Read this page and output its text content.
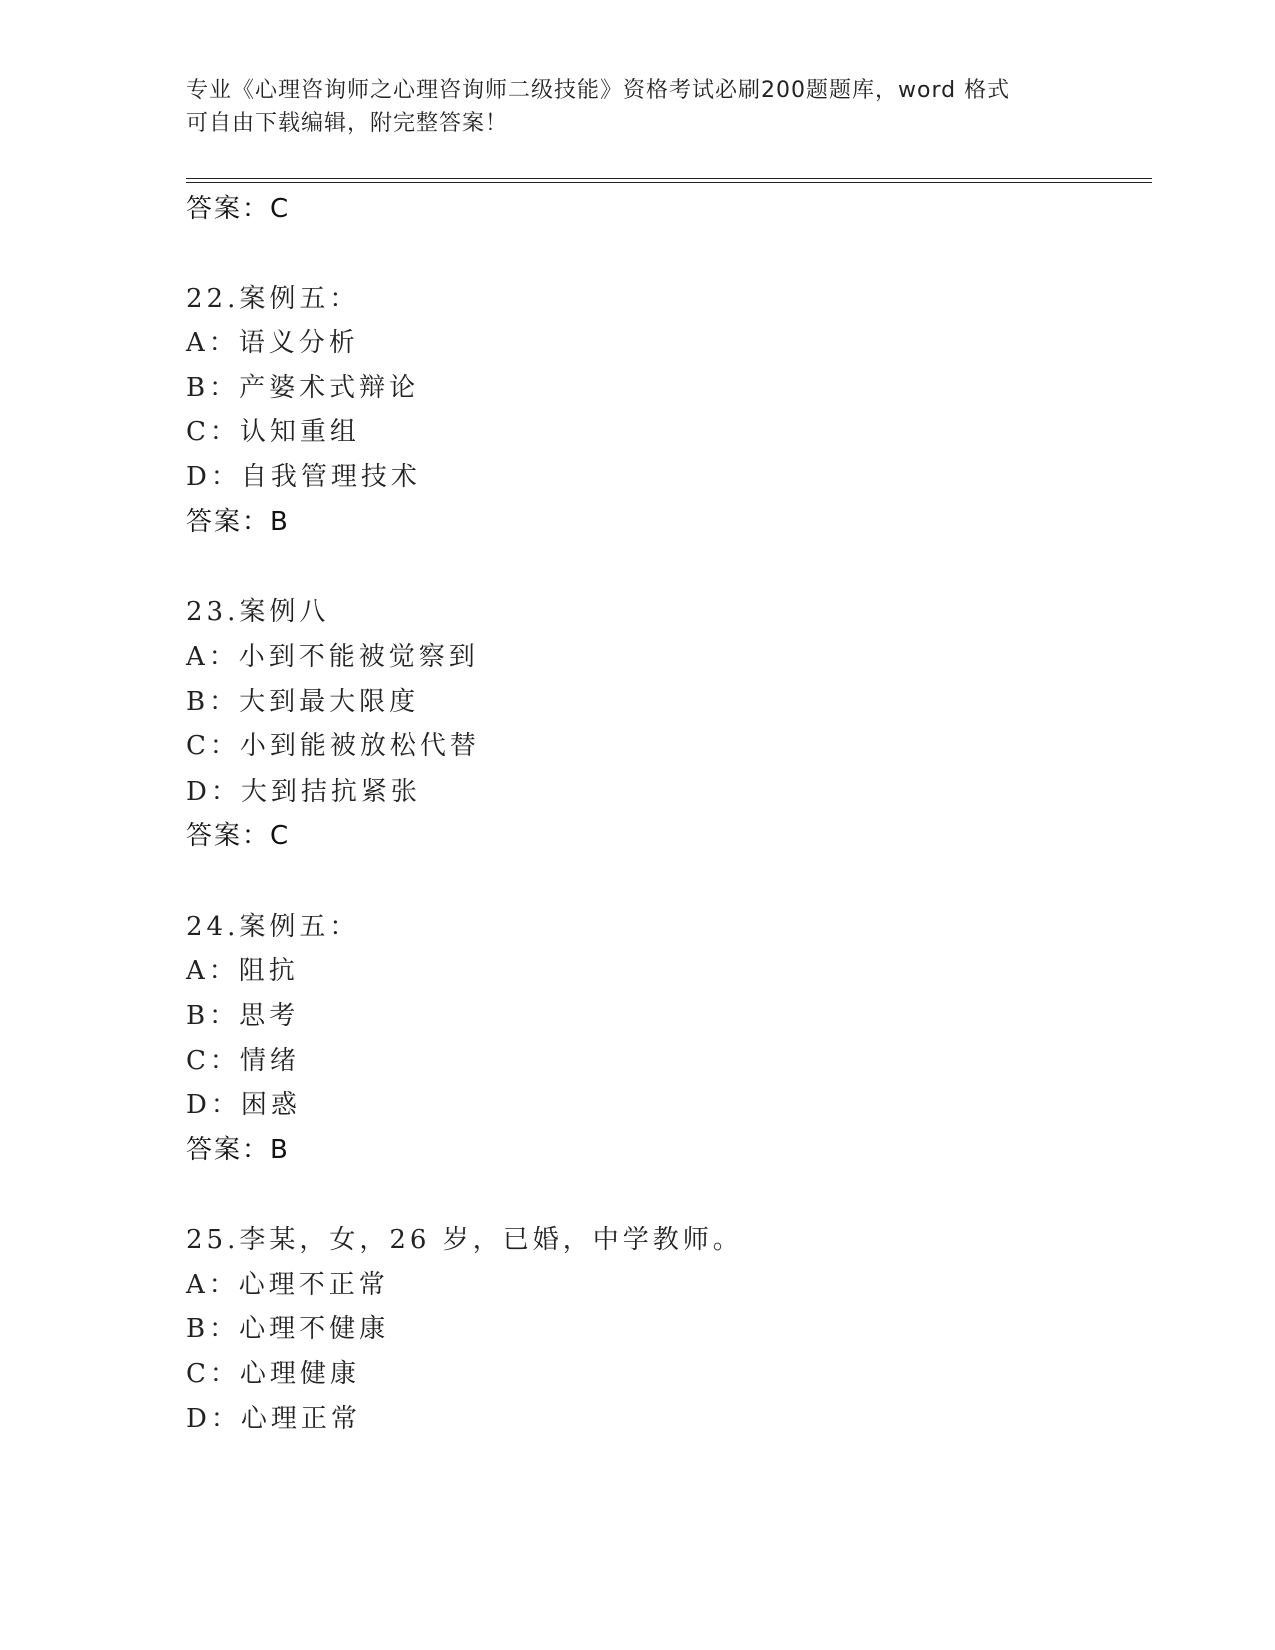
专业《心理咨询师之心理咨询师二级技能》资格考试必刷200题题库，word 格式
可自由下载编辑，附完整答案！
答案：C
22.案例五：
A：语义分析
B：产婆术式辩论
C：认知重组
D：自我管理技术
答案：B
23.案例八
A：小到不能被觉察到
B：大到最大限度
C：小到能被放松代替
D：大到拮抗紧张
答案：C
24.案例五：
A：阻抗
B：思考
C：情绪
D：困惑
答案：B
25.李某，女，26 岁，已婚，中学教师。
A：心理不正常
B：心理不健康
C：心理健康
D：心理正常
